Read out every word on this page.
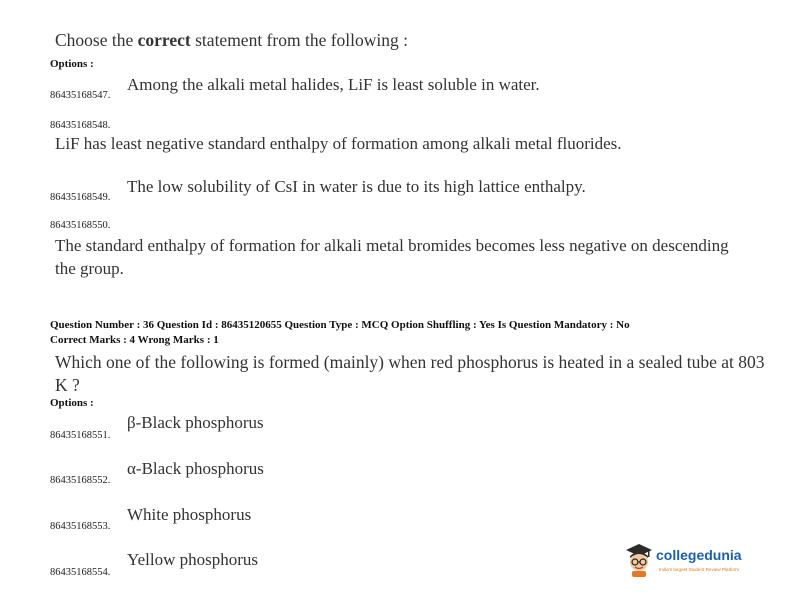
Choose the correct statement from the following :
Options :
86435168547.
Among the alkali metal halides, LiF is least soluble in water.
86435168548.
LiF has least negative standard enthalpy of formation among alkali metal fluorides.
86435168549.
The low solubility of CsI in water is due to its high lattice enthalpy.
86435168550.
The standard enthalpy of formation for alkali metal bromides becomes less negative on descending the group.
Question Number : 36 Question Id : 86435120655 Question Type : MCQ Option Shuffling : Yes Is Question Mandatory : No
Correct Marks : 4 Wrong Marks : 1
Which one of the following is formed (mainly) when red phosphorus is heated in a sealed tube at 803 K ?
Options :
86435168551.
β-Black phosphorus
86435168552.
α-Black phosphorus
86435168553.
White phosphorus
86435168554.
Yellow phosphorus	collegedunia
India's largest Student Review Platform
